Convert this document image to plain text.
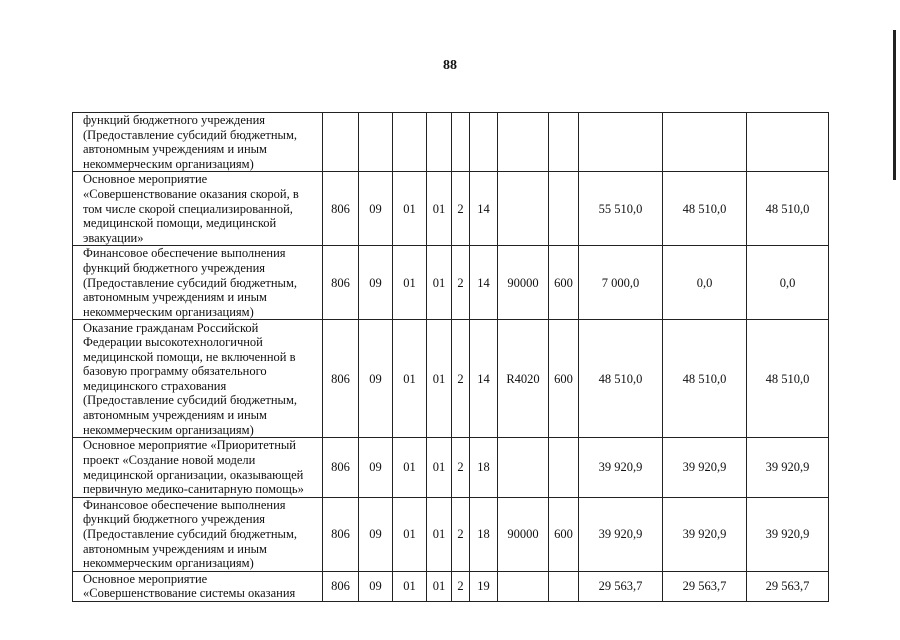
88
функций бюджетного учреждения (Предоставление субсидий бюджетным, автономным учреждениям и иным некоммерческим организациям)											
Основное мероприятие «Совершенствование оказания скорой, в том числе скорой специализированной, медицинской помощи, медицинской эвакуации»	806	09	01	01	2	14			55 510,0	48 510,0	48 510,0
Финансовое обеспечение выполнения функций бюджетного учреждения (Предоставление субсидий бюджетным, автономным учреждениям и иным некоммерческим организациям)	806	09	01	01	2	14	90000	600	7 000,0	0,0	0,0
Оказание гражданам Российской Федерации высокотехнологичной медицинской помощи, не включенной в базовую программу обязательного медицинского страхования (Предоставление субсидий бюджетным, автономным учреждениям и иным некоммерческим организациям)	806	09	01	01	2	14	R4020	600	48 510,0	48 510,0	48 510,0
Основное мероприятие «Приоритетный проект «Создание новой модели медицинской организации, оказывающей первичную медико-санитарную помощь»	806	09	01	01	2	18			39 920,9	39 920,9	39 920,9
Финансовое обеспечение выполнения функций бюджетного учреждения (Предоставление субсидий бюджетным, автономным учреждениям и иным некоммерческим организациям)	806	09	01	01	2	18	90000	600	39 920,9	39 920,9	39 920,9
Основное мероприятие «Совершенствование системы оказания	806	09	01	01	2	19			29 563,7	29 563,7	29 563,7
